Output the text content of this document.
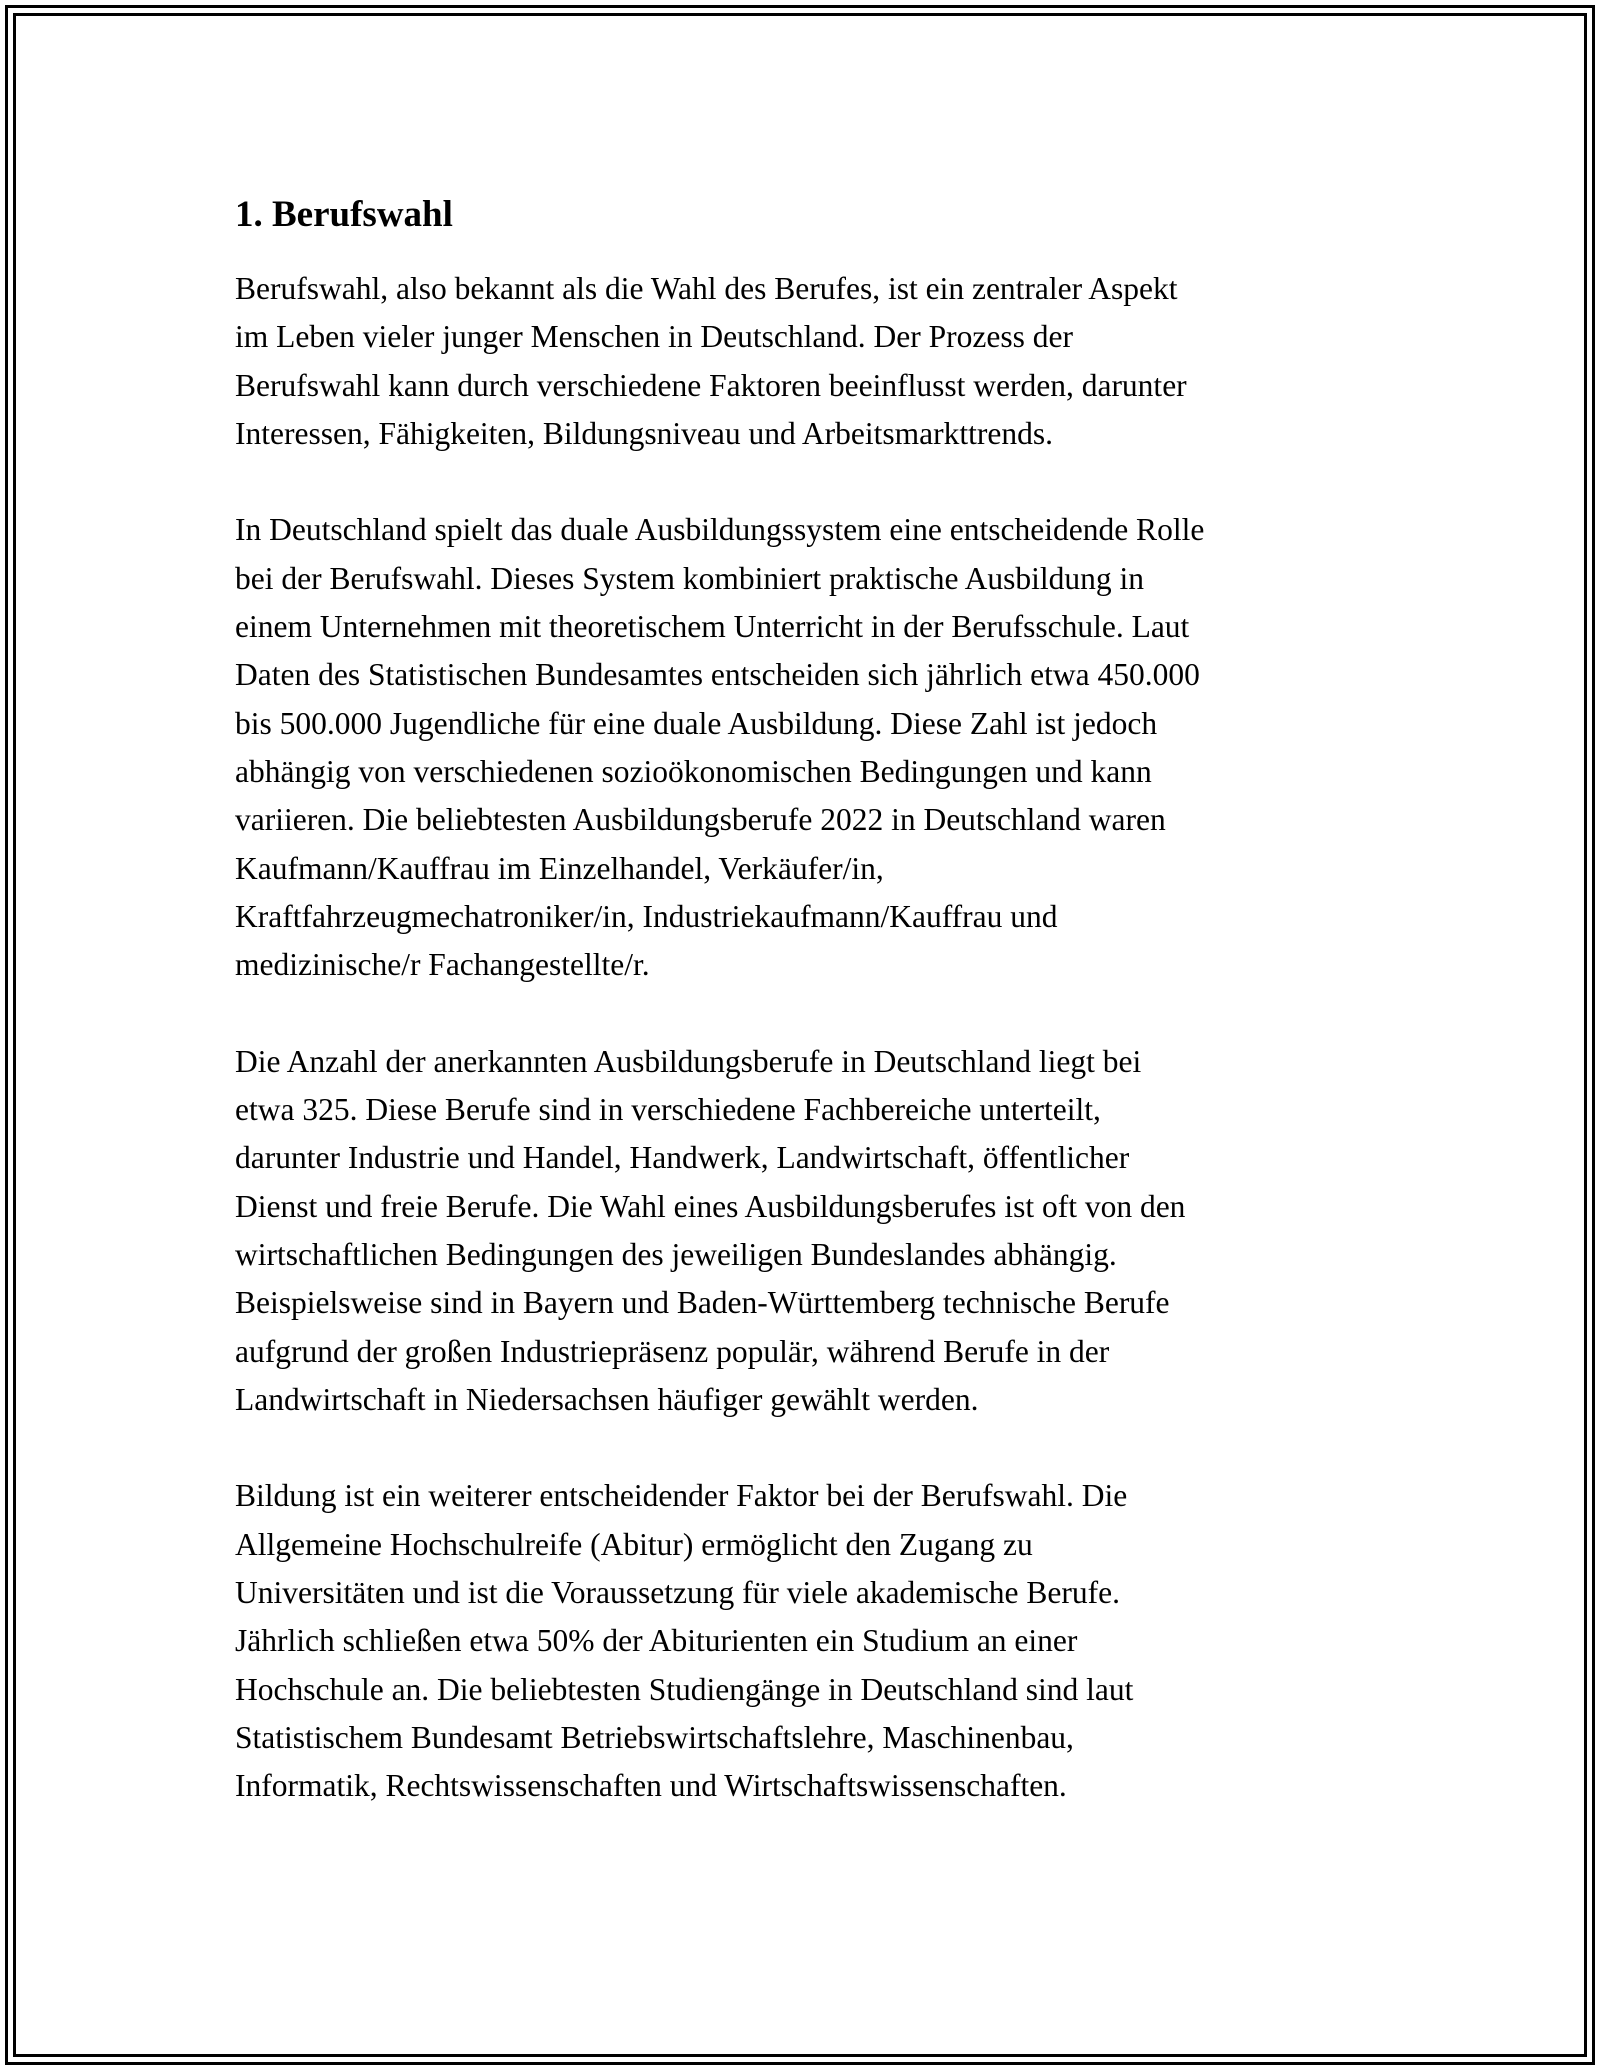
1. Berufswahl

Berufswahl, also bekannt als die Wahl des Berufes, ist ein zentraler Aspekt
im Leben vieler junger Menschen in Deutschland. Der Prozess der
Berufswahl kann durch verschiedene Faktoren beeinflusst werden, darunter
Interessen, Fähigkeiten, Bildungsniveau und Arbeitsmarkttrends.

In Deutschland spielt das duale Ausbildungssystem eine entscheidende Rolle
bei der Berufswahl. Dieses System kombiniert praktische Ausbildung in
einem Unternehmen mit theoretischem Unterricht in der Berufsschule. Laut
Daten des Statistischen Bundesamtes entscheiden sich jährlich etwa 450.000
bis 500.000 Jugendliche für eine duale Ausbildung. Diese Zahl ist jedoch
abhängig von verschiedenen sozioökonomischen Bedingungen und kann
variieren. Die beliebtesten Ausbildungsberufe 2022 in Deutschland waren
Kaufmann/Kauffrau im Einzelhandel, Verkäufer/in,
Kraftfahrzeugmechatroniker/in, Industriekaufmann/Kauffrau und
medizinische/r Fachangestellte/r.

Die Anzahl der anerkannten Ausbildungsberufe in Deutschland liegt bei
etwa 325. Diese Berufe sind in verschiedene Fachbereiche unterteilt,
darunter Industrie und Handel, Handwerk, Landwirtschaft, öffentlicher
Dienst und freie Berufe. Die Wahl eines Ausbildungsberufes ist oft von den
wirtschaftlichen Bedingungen des jeweiligen Bundeslandes abhängig.
Beispielsweise sind in Bayern und Baden-Württemberg technische Berufe
aufgrund der großen Industriepräsenz populär, während Berufe in der
Landwirtschaft in Niedersachsen häufiger gewählt werden.

Bildung ist ein weiterer entscheidender Faktor bei der Berufswahl. Die
Allgemeine Hochschulreife (Abitur) ermöglicht den Zugang zu
Universitäten und ist die Voraussetzung für viele akademische Berufe.
Jährlich schließen etwa 50% der Abiturienten ein Studium an einer
Hochschule an. Die beliebtesten Studiengänge in Deutschland sind laut
Statistischem Bundesamt Betriebswirtschaftslehre, Maschinenbau,
Informatik, Rechtswissenschaften und Wirtschaftswissenschaften.
